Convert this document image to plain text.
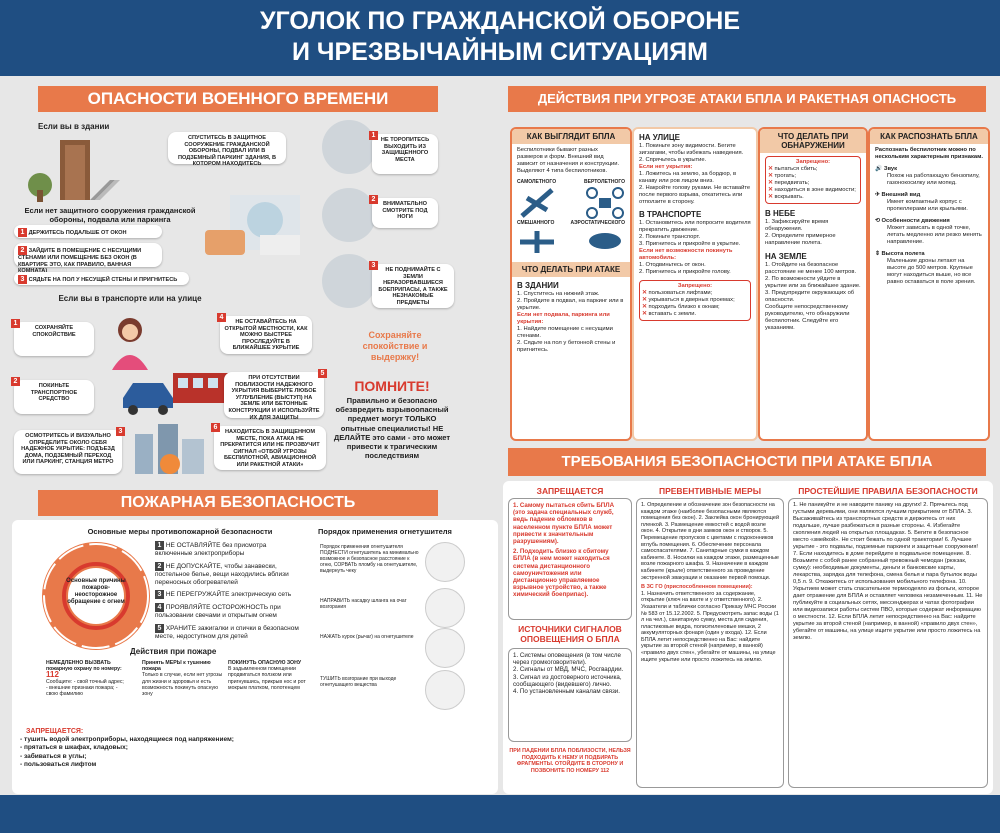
УГОЛОК ПО ГРАЖДАНСКОЙ ОБОРОНЕ
И ЧРЕЗВЫЧАЙНЫМ СИТУАЦИЯМ
ОПАСНОСТИ ВОЕННОГО ВРЕМЕНИ
Если вы в здании
СПУСТИТЕСЬ В ЗАЩИТНОЕ СООРУЖЕНИЕ ГРАЖДАНСКОЙ ОБОРОНЫ, ПОДВАЛ ИЛИ В ПОДЗЕМНЫЙ ПАРКИНГ ЗДАНИЯ, В КОТОРОМ НАХОДИТЕСЬ
Если нет защитного сооружения гражданской обороны, подвала или паркинга
1 ДЕРЖИТЕСЬ ПОДАЛЬШЕ ОТ ОКОН
2 ЗАЙДИТЕ В ПОМЕЩЕНИЕ С НЕСУЩИМИ СТЕНАМИ ИЛИ ПОМЕЩЕНИЕ БЕЗ ОКОН (В КВАРТИРЕ ЭТО, КАК ПРАВИЛО, ВАННАЯ
3 СЯДЬТЕ НА ПОЛ У НЕСУЩЕЙ СТЕНЫ И ПРИГНИТЕСЬ
Если вы в транспорте или на улице
1
СОХРАНЯЙТЕ СПОКОЙСТВИЕ
2
ПОКИНЬТЕ ТРАНСПОРТНОЕ СРЕДСТВО
3
ОСМОТРИТЕСЬ И ВИЗУАЛЬНО ОПРЕДЕЛИТЕ ОКОЛО СЕБЯ НАДЕЖНОЕ УКРЫТИЕ: ПОДЪЕЗД ДОМА, ПОДЗЕМНЫЙ ПЕРЕХОД ИЛИ ПАРКИНГ, СТАНЦИЯ МЕТРО
4
НЕ ОСТАВАЙТЕСЬ НА ОТКРЫТОЙ МЕСТНОСТИ, КАК МОЖНО БЫСТРЕЕ ПРОСЛЕДУЙТЕ В БЛИЖАЙШЕЕ УКРЫТИЕ
5
ПРИ ОТСУТСТВИИ ПОБЛИЗОСТИ НАДЕЖНОГО УКРЫТИЯ ВЫБЕРИТЕ ЛЮБОЕ УГЛУБЛЕНИЕ (ВЫСТУП) НА ЗЕМЛЕ ИЛИ БЕТОННЫЕ КОНСТРУКЦИИ И ИСПОЛЬЗУЙТЕ ИХ ДЛЯ ЗАЩИТЫ
6
НАХОДИТЕСЬ В ЗАЩИЩЕННОМ МЕСТЕ, ПОКА АТАКА НЕ ПРЕКРАТИТСЯ ИЛИ НЕ ПРОЗВУЧИТ СИГНАЛ «ОТБОЙ УГРОЗЫ БЕСПИЛОТНОЙ, АВИАЦИОННОЙ ИЛИ РАКЕТНОЙ АТАКИ»
1
НЕ ТОРОПИТЕСЬ ВЫХОДИТЬ ИЗ ЗАЩИЩЕННОГО МЕСТА
2
ВНИМАТЕЛЬНО СМОТРИТЕ ПОД НОГИ
3
НЕ ПОДНИМАЙТЕ С ЗЕМЛИ НЕРАЗОРВАВШИЕСЯ БОЕПРИПАСЫ, А ТАКЖЕ НЕЗНАКОМЫЕ ПРЕДМЕТЫ
Сохраняйте спокойствие и выдержку!
ПОМНИТЕ!
Правильно и безопасно обезвредить взрывоопасный предмет могут ТОЛЬКО опытные специалисты! НЕ ДЕЛАЙТЕ это сами - это может привести к трагическим последствиям
ПОЖАРНАЯ БЕЗОПАСНОСТЬ
Основные меры противопожарной безопасности
Основные причины пожаров- неосторожное обращение с огнем
1 НЕ ОСТАВЛЯЙТЕ без присмотра включенные электроприборы
2 НЕ ДОПУСКАЙТЕ, чтобы занавески, постельное белье, вещи находились вблизи переносных обогревателей
3 НЕ ПЕРЕГРУЖАЙТЕ электрическую сеть
4 ПРОЯВЛЯЙТЕ ОСТОРОЖНОСТЬ при пользовании свечами и открытым огнем
5 ХРАНИТЕ зажигалки и спички в безопасном месте, недоступном для детей
Порядок применения огнетушителя
Порядок применения огнетушителя ПОДНЕСТИ огнетушитель на минимально возможное и безопасное расстояние к огню, СОРВАТЬ пломбу на огнетушителе, выдернуть чеку
НАПРАВИТЬ насадку шланга на очаг возгорания
НАЖАТЬ курок (рычаг) на огнетушителе
ТУШИТЬ возгорание при выходе огнетушащего вещества
Действия при пожаре
НЕМЕДЛЕННО ВЫЗВАТЬ пожарную охрану по номеру:
112
Сообщите: - свой точный адрес; - внешние признаки пожара; - свою фамилию
Принять МЕРЫ к тушению пожара
Только в случае, если нет угрозы для жизни и здоровья и есть возможность покинуть опасную зону
ПОКИНУТЬ ОПАСНУЮ ЗОНУ
В задымленном помещении продвигаться ползком или пригнувшись, прикрыв нос и рот мокрым платком, полотенцем
ЗАПРЕЩАЕТСЯ:
- тушить водой электроприборы, находящиеся под напряжением;
- прятаться в шкафах, кладовых;
- забиваться в углы;
- пользоваться лифтом
ДЕЙСТВИЯ ПРИ УГРОЗЕ АТАКИ БПЛА И РАКЕТНАЯ ОПАСНОСТЬ
КАК ВЫГЛЯДИТ БПЛА
Беспилотники бывают разных размеров и форм. Внешний вид зависит от назначения и конструкции. Выделяют 4 типа беспилотников.
САМОЛЕТНОГО	ВЕРТОЛЕТНОГО
СМЕШАННОГО	АЭРОСТАТИЧЕСКОГО
ЧТО ДЕЛАТЬ ПРИ АТАКЕ
В ЗДАНИИ
1. Спуститесь на нижний этаж.
2. Пройдите в подвал, на паркинг или в укрытие.
Если нет подвала, паркинга или укрытия:
1. Найдите помещение с несущими стенами.
2. Сядьте на пол у бетонной стены и пригнитесь.
НА УЛИЦЕ
1. Покиньте зону видимости. Бегите зигзагами, чтобы избежать наведения.
2. Спрячьтесь в укрытие.
Если нет укрытия:
1. Ложитесь на землю, за бордюр, в канаву или ров лицом вниз.
2. Накройте голову руками. Не вставайте после первого взрыва, откатитесь или отползите в сторону.
В ТРАНСПОРТЕ
1. Остановитесь или попросите водителя прекратить движение.
2. Покиньте транспорт.
3. Пригнитесь и прикройте в укрытие.
Если нет возможности покинуть автомобиль:
1. Отодвиньтесь от окон.
2. Пригнитесь и прикройте голову.
Запрещено:
✕ пользоваться лифтами;
✕ укрываться в дверных проемах;
✕ подходить близко к окнам;
✕ вставать с земли.
ЧТО ДЕЛАТЬ ПРИ ОБНАРУЖЕНИИ
Запрещено:
✕ пытаться сбить;
✕ трогать;
✕ передвигать;
✕ находиться в зоне видимости;
✕ вскрывать.
В НЕБЕ
1. Зафиксируйте время обнаружения.
2. Определите примерное направление полета.
НА ЗЕМЛЕ
1. Отойдите на безопасное расстояние не менее 100 метров.
2. По возможности уйдите в укрытие или за ближайшее здание.
3. Предупредите окружающих об опасности.
Сообщите непосредственному руководителю, что обнаружили беспилотник. Следуйте его указаниям.
КАК РАСПОЗНАТЬ БПЛА
Распознать беспилотник можно по нескольким характерным признакам.
🔊 Звук
Похож на работающую бензопилу, газонокосилку или мопед.
✈ Внешний вид
Имеет компактный корпус с пропеллерами или крыльями.
⟲ Особенности движения
Может зависать в одной точке, летать медленно или резко менять направление.
⇕ Высота полета
Маленькие дроны летают на высоте до 500 метров. Крупные могут находиться выше, но все равно оставаться в поле зрения.
ТРЕБОВАНИЯ БЕЗОПАСНОСТИ ПРИ АТАКЕ БПЛА
ЗАПРЕЩАЕТСЯ
1. Самому пытаться сбить БПЛА (это задача специальных служб, ведь падение обломков в населенном пункте БПЛА может привести к значительным разрушениям).
2. Подходить близко к сбитому БПЛА (в нем может находиться система дистанционного самоуничтожения или дистанционно управляемое взрывное устройство, а также химический боеприпас).
ИСТОЧНИКИ СИГНАЛОВ ОПОВЕЩЕНИЯ О БПЛА
1. Системы оповещения (в том числе через громкоговорители).
2. Сигналы от МВД, МЧС, Росгвардии.
3. Сигнал из достоверного источника, сообщающего (видевшего) лично.
4. По установленным каналам связи.
ПРИ ПАДЕНИИ БПЛА ПОБЛИЗОСТИ, НЕЛЬЗЯ ПОДХОДИТЬ К НЕМУ И ПОДБИРАТЬ ФРАГМЕНТЫ. ОТОЙДИТЕ В СТОРОНУ И ПОЗВОНИТЕ ПО НОМЕРУ 112
ПРЕВЕНТИВНЫЕ МЕРЫ
1. Определение и обозначение зон безопасности на каждом этаже (наиболее безопасными являются помещения без окон). 2. Заклейка окон бронирующей пленкой. 3. Размещение емкостей с водой возле окон. 4. Открытие в дни замков окон и створок. 5. Перемещение пропусков с цветами с подоконников вглубь помещения. 6. Обеспечение персонала самоспасателями. 7. Санитарные сумки в каждом кабинете. 8. Носилки на каждом этаже, размещенные возле пожарного шкафа. 9. Назначение в каждом кабинете (крыле) ответственного за проведение экстренной эвакуации и оказание первой помощи.
В ЗС ГО (приспособленном помещении):
1. Назначить ответственного за содержание, открытие (ключ на вахте и у ответственного). 2. Указатели и таблички согласно Приказу МЧС России № 583 от 15.12.2002. 5. Предусмотреть запас воды (1 л на чел.), санитарную сумку, места для сидения, пластиковые ведра, полиэтиленовые мешки, 2 аккумуляторных фонаря (один у входа). 12. Если БПЛА летит непосредственно на Вас: найдите укрытие за второй стеной (например, в ванной) «правило двух стен», убегайте от машины, на улице ищите укрытие или просто ложитесь на землю.
ПРОСТЕЙШИЕ ПРАВИЛА БЕЗОПАСНОСТИ
1. Не паникуйте и не наводите панику на других! 2. Прячьтесь под густыми деревьями, они являются лучшим прикрытием от БПЛА. 3. Высаживайтесь из транспортных средств и держитесь от них подальше, лучше разбежаться в разные стороны. 4. Избегайте скопления людей на открытых площадках. 5. Бегите в безопасное место «змейкой». Не стоит бежать по одной траектории! 6. Лучшее укрытие - это подвалы, подземные паркинги и защитные сооружения! 7. Если находитесь в доме перейдите в подвальное помещение. 8. Возьмите с собой ранее собранный тревожный чемодан (рюкзак, сумку): необходимые документы, деньги и банковские карты, лекарства, зарядка для телефона, смена белья и пара бутылок воды 0,5 л. 9. Откажитесь от использования мобильного телефона. 10. Укрытием может стать спасательное термоодеяло из фольги, которое дает отражение для БПЛА и оставляет человека незамеченным. 11. Не публикуйте в социальных сетях, мессенджерах и чатах фотографии или видеозаписи работы систем ПВО, которые содержат информацию о местности. 12. Если БПЛА летит непосредственно на Вас: найдите укрытие за второй стеной (например, в ванной) «правило двух стен», убегайте от машины, на улице ищите укрытие или просто ложитесь на землю.
